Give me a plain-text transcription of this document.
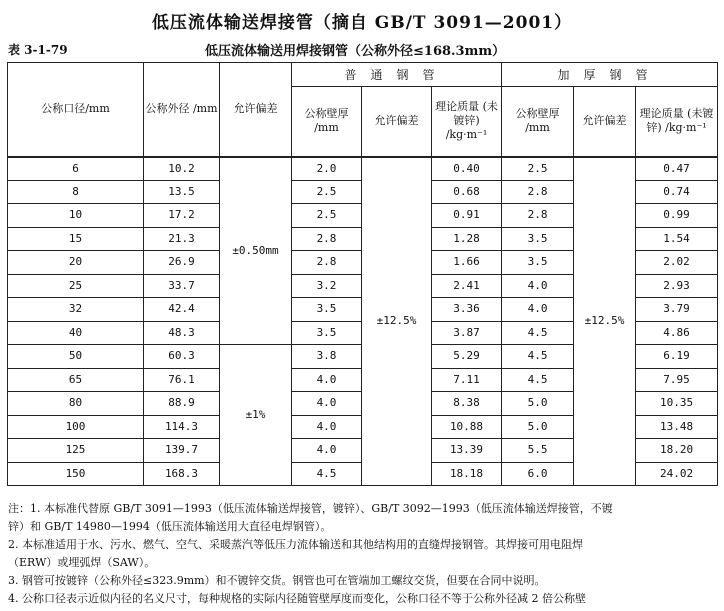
低压流体输送焊接管（摘自 GB/T 3091—2001）
表 3-1-79	低压流体输送用焊接钢管（公称外径≤168.3mm）
公称口径/mm	公称外径 /mm	允许偏差	普通钢管			加厚钢管		
			公称壁厚 /mm	允许偏差	理论质量 (未镀锌) /kg·m⁻¹	公称壁厚 /mm	允许偏差	理论质量 (未镀锌) /kg·m⁻¹
6	10.2	±0.50mm	2.0	±12.5%	0.40	2.5	±12.5%	0.47
8	13.5		2.5		0.68	2.8		0.74
10	17.2		2.5		0.91	2.8		0.99
15	21.3		2.8		1.28	3.5		1.54
20	26.9		2.8		1.66	3.5		2.02
25	33.7		3.2		2.41	4.0		2.93
32	42.4		3.5		3.36	4.0		3.79
40	48.3		3.5		3.87	4.5		4.86
50	60.3	±1%	3.8		5.29	4.5		6.19
65	76.1		4.0		7.11	4.5		7.95
80	88.9		4.0		8.38	5.0		10.35
100	114.3		4.0		10.88	5.0		13.48
125	139.7		4.0		13.39	5.5		18.20
150	168.3		4.5		18.18	6.0		24.02

注：1. 本标准代替原 GB/T 3091—1993（低压流体输送焊接管，镀锌）、GB/T 3092—1993（低压流体输送焊接管，不镀

锌）和 GB/T 14980—1994（低压流体输送用大直径电焊钢管）。

2. 本标准适用于水、污水、燃气、空气、采暖蒸汽等低压力流体输送和其他结构用的直缝焊接钢管。其焊接可用电阻焊

（ERW）或埋弧焊（SAW）。

3. 钢管可按镀锌（公称外径≤323.9mm）和不镀锌交货。钢管也可在管端加工螺纹交货，但要在合同中说明。

4. 公称口径表示近似内径的名义尺寸，每种规格的实际内径随管壁厚度而变化，公称口径不等于公称外径减 2 倍公称壁
